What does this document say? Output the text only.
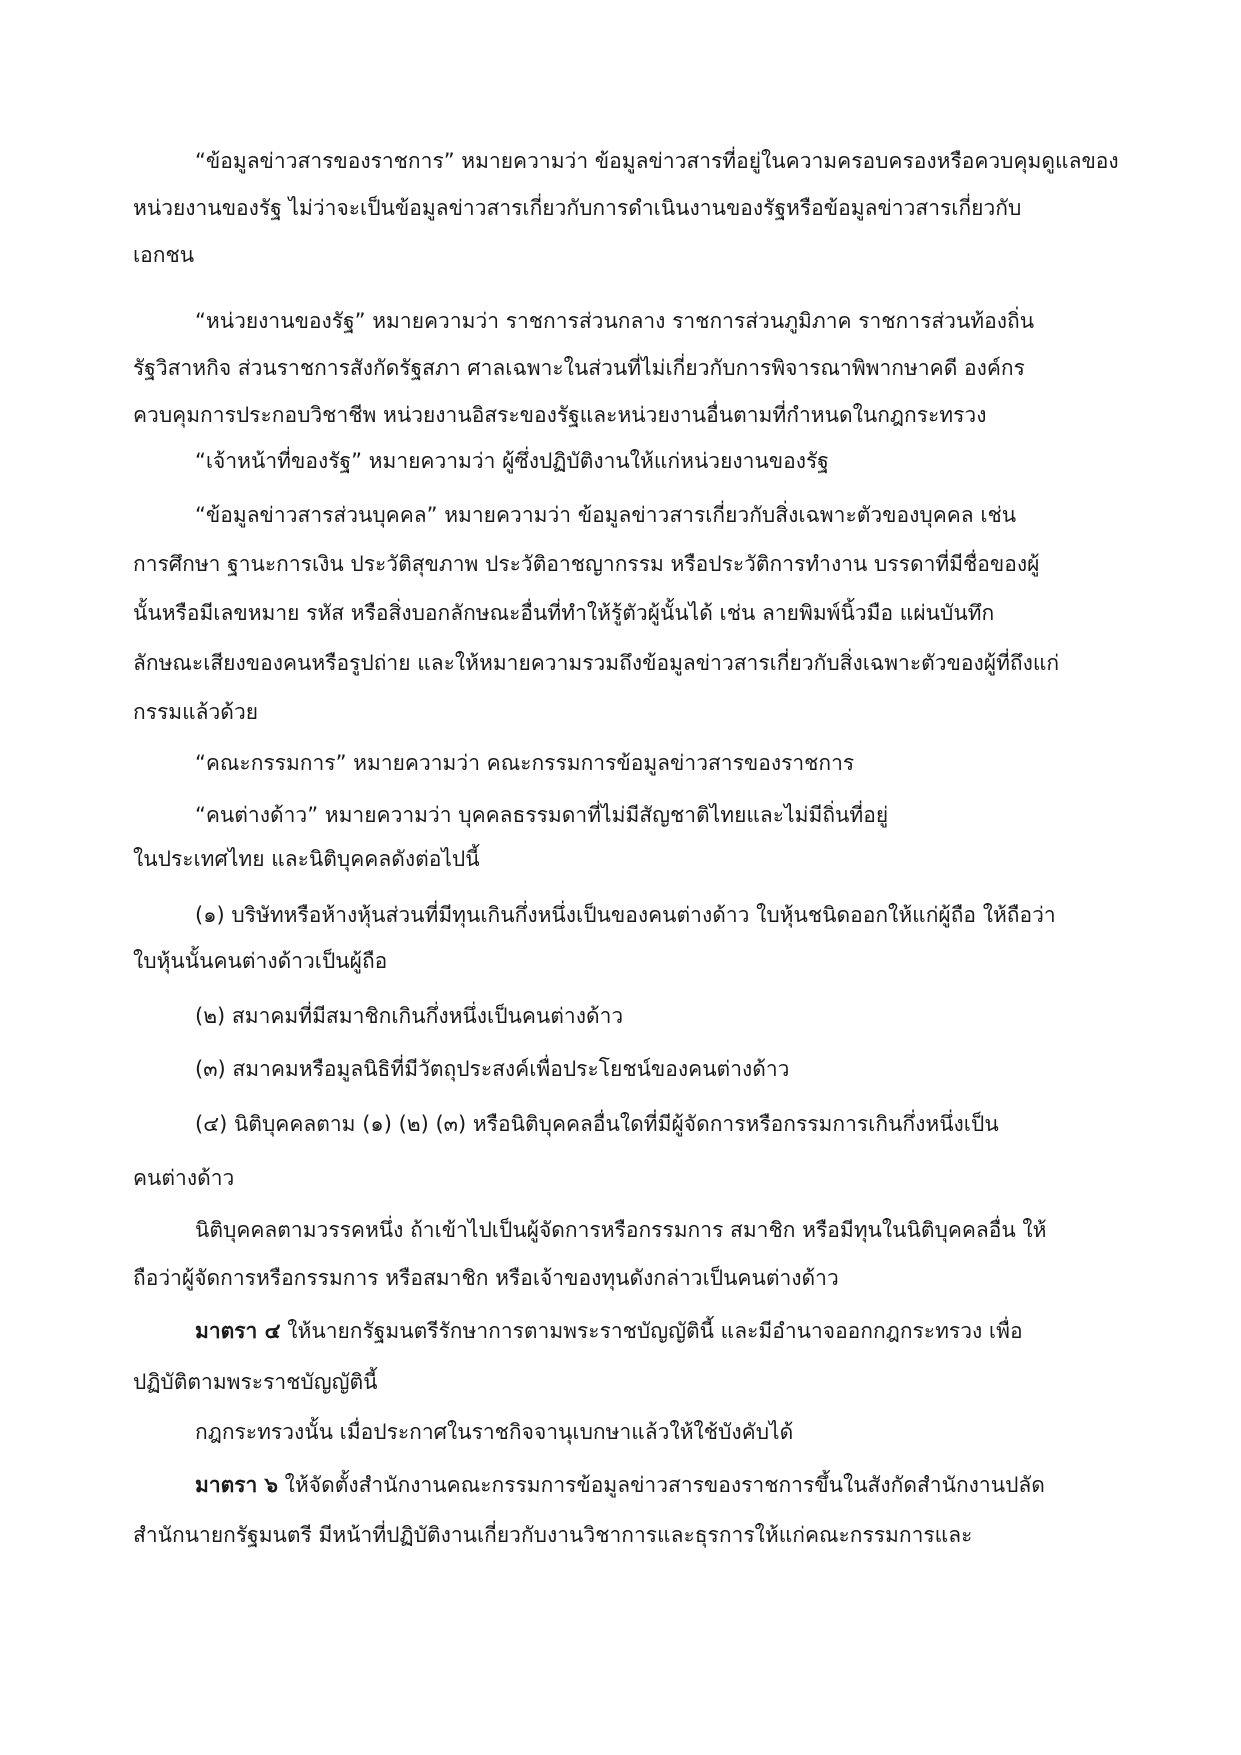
“ข้อมูลข่าวสารของราชการ” หมายความว่า ข้อมูลข่าวสารที่อยู่ในความครอบครองหรือควบคุมดูแลของ
หน่วยงานของรัฐ ไม่ว่าจะเป็นข้อมูลข่าวสารเกี่ยวกับการดำเนินงานของรัฐหรือข้อมูลข่าวสารเกี่ยวกับ
เอกชน
“หน่วยงานของรัฐ” หมายความว่า ราชการส่วนกลาง ราชการส่วนภูมิภาค ราชการส่วนท้องถิ่น
รัฐวิสาหกิจ ส่วนราชการสังกัดรัฐสภา ศาลเฉพาะในส่วนที่ไม่เกี่ยวกับการพิจารณาพิพากษาคดี องค์กร
ควบคุมการประกอบวิชาชีพ หน่วยงานอิสระของรัฐและหน่วยงานอื่นตามที่กำหนดในกฎกระทรวง
“เจ้าหน้าที่ของรัฐ” หมายความว่า ผู้ซึ่งปฏิบัติงานให้แก่หน่วยงานของรัฐ
“ข้อมูลข่าวสารส่วนบุคคล” หมายความว่า ข้อมูลข่าวสารเกี่ยวกับสิ่งเฉพาะตัวของบุคคล เช่น
การศึกษา ฐานะการเงิน ประวัติสุขภาพ ประวัติอาชญากรรม หรือประวัติการทำงาน บรรดาที่มีชื่อของผู้
นั้นหรือมีเลขหมาย รหัส หรือสิ่งบอกลักษณะอื่นที่ทำให้รู้ตัวผู้นั้นได้ เช่น ลายพิมพ์นิ้วมือ แผ่นบันทึก
ลักษณะเสียงของคนหรือรูปถ่าย และให้หมายความรวมถึงข้อมูลข่าวสารเกี่ยวกับสิ่งเฉพาะตัวของผู้ที่ถึงแก่
กรรมแล้วด้วย
“คณะกรรมการ” หมายความว่า คณะกรรมการข้อมูลข่าวสารของราชการ
“คนต่างด้าว” หมายความว่า บุคคลธรรมดาที่ไม่มีสัญชาติไทยและไม่มีถิ่นที่อยู่
ในประเทศไทย และนิติบุคคลดังต่อไปนี้
(๑) บริษัทหรือห้างหุ้นส่วนที่มีทุนเกินกึ่งหนึ่งเป็นของคนต่างด้าว ใบหุ้นชนิดออกให้แก่ผู้ถือ ให้ถือว่า
ใบหุ้นนั้นคนต่างด้าวเป็นผู้ถือ
(๒) สมาคมที่มีสมาชิกเกินกึ่งหนึ่งเป็นคนต่างด้าว
(๓) สมาคมหรือมูลนิธิที่มีวัตถุประสงค์เพื่อประโยชน์ของคนต่างด้าว
(๔) นิติบุคคลตาม (๑) (๒) (๓) หรือนิติบุคคลอื่นใดที่มีผู้จัดการหรือกรรมการเกินกึ่งหนึ่งเป็น
คนต่างด้าว
นิติบุคคลตามวรรคหนึ่ง ถ้าเข้าไปเป็นผู้จัดการหรือกรรมการ สมาชิก หรือมีทุนในนิติบุคคลอื่น ให้
ถือว่าผู้จัดการหรือกรรมการ หรือสมาชิก หรือเจ้าของทุนดังกล่าวเป็นคนต่างด้าว
มาตรา ๔ ให้นายกรัฐมนตรีรักษาการตามพระราชบัญญัตินี้ และมีอำนาจออกกฎกระทรวง เพื่อ
ปฏิบัติตามพระราชบัญญัตินี้
กฎกระทรวงนั้น เมื่อประกาศในราชกิจจานุเบกษาแล้วให้ใช้บังคับได้
มาตรา ๖ ให้จัดตั้งสำนักงานคณะกรรมการข้อมูลข่าวสารของราชการขึ้นในสังกัดสำนักงานปลัด
สำนักนายกรัฐมนตรี มีหน้าที่ปฏิบัติงานเกี่ยวกับงานวิชาการและธุรการให้แก่คณะกรรมการและ
